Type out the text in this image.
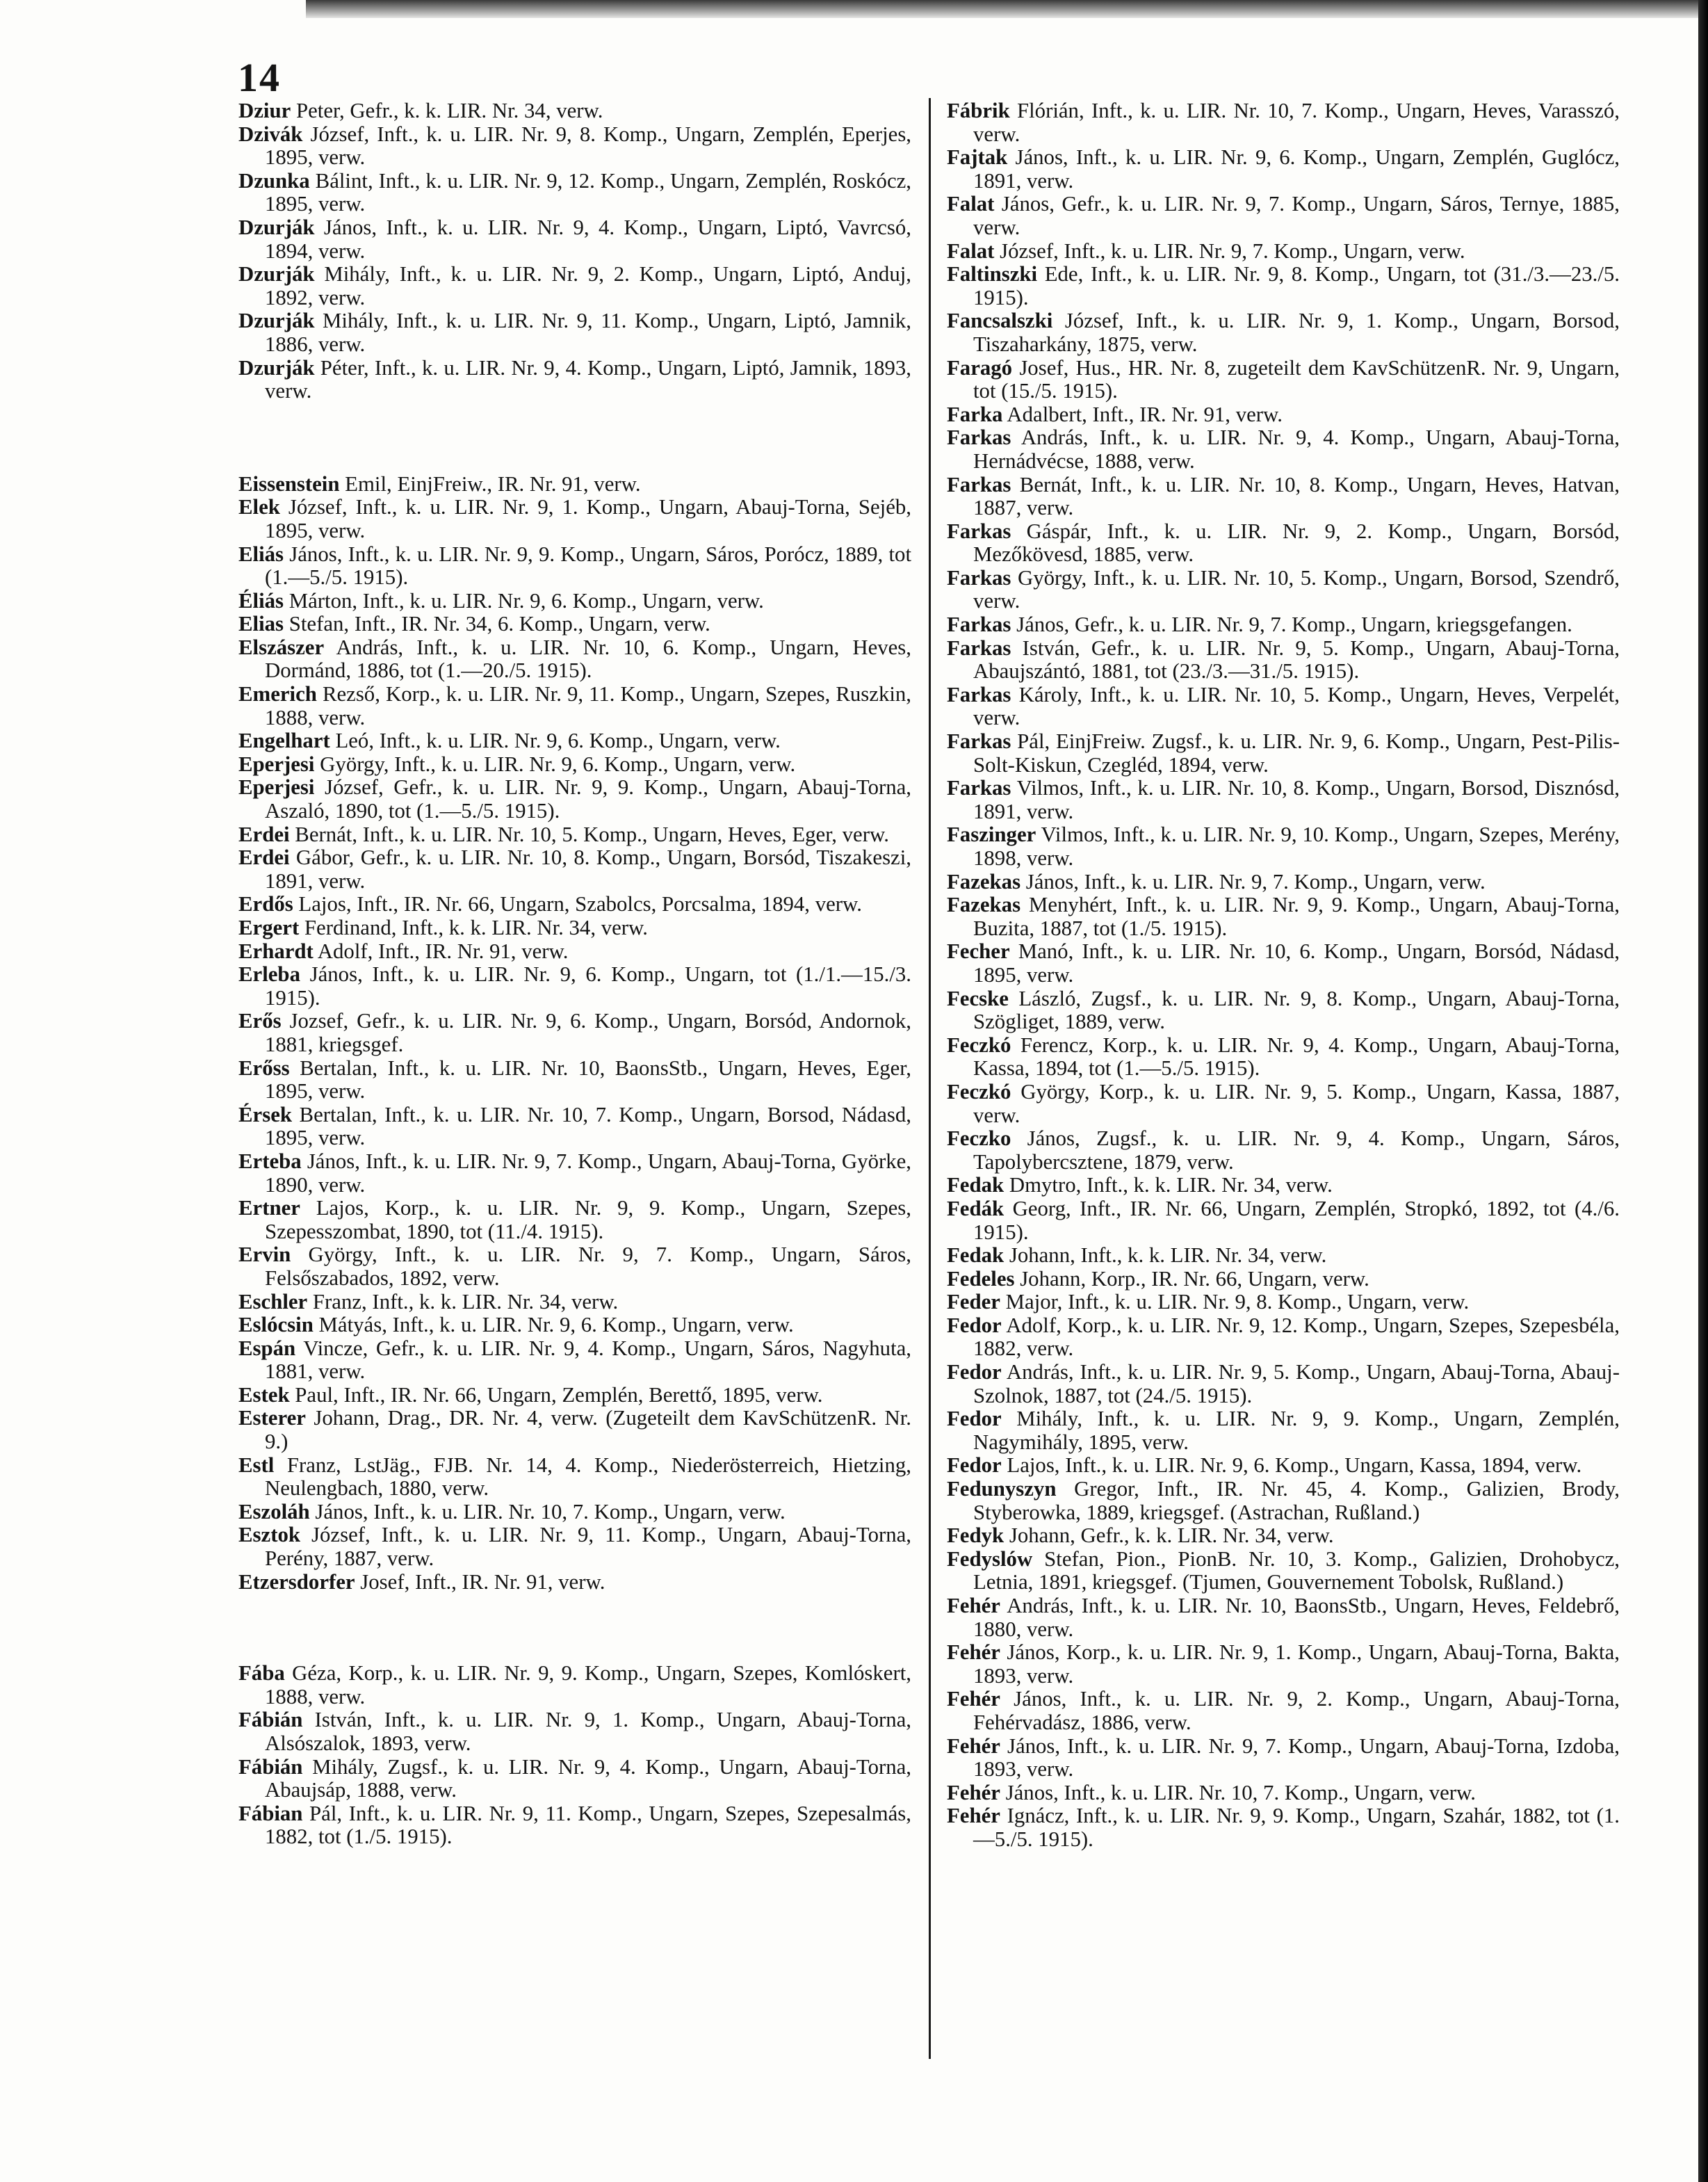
14

Dziur Peter, Gefr., k. k. LIR. Nr. 34, verw.

Dzivák József, Inft., k. u. LIR. Nr. 9, 8. Komp., Ungarn, Zemplén, Eperjes, 1895, verw.

Dzunka Bálint, Inft., k. u. LIR. Nr. 9, 12. Komp., Ungarn, Zemplén, Roskócz, 1895, verw.

Dzurják János, Inft., k. u. LIR. Nr. 9, 4. Komp., Ungarn, Liptó, Vavrcsó, 1894, verw.

Dzurják Mihály, Inft., k. u. LIR. Nr. 9, 2. Komp., Ungarn, Liptó, Anduj, 1892, verw.

Dzurják Mihály, Inft., k. u. LIR. Nr. 9, 11. Komp., Ungarn, Liptó, Jamnik, 1886, verw.

Dzurják Péter, Inft., k. u. LIR. Nr. 9, 4. Komp., Ungarn, Liptó, Jamnik, 1893, verw.

Eissenstein Emil, EinjFreiw., IR. Nr. 91, verw.

Elek József, Inft., k. u. LIR. Nr. 9, 1. Komp., Ungarn, Abauj-Torna, Sejéb, 1895, verw.

Eliás János, Inft., k. u. LIR. Nr. 9, 9. Komp., Ungarn, Sáros, Porócz, 1889, tot (1.—5./5. 1915).

Éliás Márton, Inft., k. u. LIR. Nr. 9, 6. Komp., Ungarn, verw.

Elias Stefan, Inft., IR. Nr. 34, 6. Komp., Ungarn, verw.

Elszászer András, Inft., k. u. LIR. Nr. 10, 6. Komp., Ungarn, Heves, Dormánd, 1886, tot (1.—20./5. 1915).

Emerich Rezső, Korp., k. u. LIR. Nr. 9, 11. Komp., Ungarn, Szepes, Ruszkin, 1888, verw.

Engelhart Leó, Inft., k. u. LIR. Nr. 9, 6. Komp., Ungarn, verw.

Eperjesi György, Inft., k. u. LIR. Nr. 9, 6. Komp., Ungarn, verw.

Eperjesi József, Gefr., k. u. LIR. Nr. 9, 9. Komp., Ungarn, Abauj-Torna, Aszaló, 1890, tot (1.—5./5. 1915).

Erdei Bernát, Inft., k. u. LIR. Nr. 10, 5. Komp., Ungarn, Heves, Eger, verw.

Erdei Gábor, Gefr., k. u. LIR. Nr. 10, 8. Komp., Ungarn, Borsód, Tiszakeszi, 1891, verw.

Erdős Lajos, Inft., IR. Nr. 66, Ungarn, Szabolcs, Porcsalma, 1894, verw.

Ergert Ferdinand, Inft., k. k. LIR. Nr. 34, verw.

Erhardt Adolf, Inft., IR. Nr. 91, verw.

Erleba János, Inft., k. u. LIR. Nr. 9, 6. Komp., Ungarn, tot (1./1.—15./3. 1915).

Erős Jozsef, Gefr., k. u. LIR. Nr. 9, 6. Komp., Ungarn, Borsód, Andornok, 1881, kriegsgef.

Erőss Bertalan, Inft., k. u. LIR. Nr. 10, BaonsStb., Ungarn, Heves, Eger, 1895, verw.

Érsek Bertalan, Inft., k. u. LIR. Nr. 10, 7. Komp., Ungarn, Borsod, Nádasd, 1895, verw.

Erteba János, Inft., k. u. LIR. Nr. 9, 7. Komp., Ungarn, Abauj-Torna, Györke, 1890, verw.

Ertner Lajos, Korp., k. u. LIR. Nr. 9, 9. Komp., Ungarn, Szepes, Szepesszombat, 1890, tot (11./4. 1915).

Ervin György, Inft., k. u. LIR. Nr. 9, 7. Komp., Ungarn, Sáros, Felsőszabados, 1892, verw.

Eschler Franz, Inft., k. k. LIR. Nr. 34, verw.

Eslócsin Mátyás, Inft., k. u. LIR. Nr. 9, 6. Komp., Ungarn, verw.

Espán Vincze, Gefr., k. u. LIR. Nr. 9, 4. Komp., Ungarn, Sáros, Nagyhuta, 1881, verw.

Estek Paul, Inft., IR. Nr. 66, Ungarn, Zemplén, Berettő, 1895, verw.

Esterer Johann, Drag., DR. Nr. 4, verw. (Zugeteilt dem KavSchützenR. Nr. 9.)

Estl Franz, LstJäg., FJB. Nr. 14, 4. Komp., Niederösterreich, Hietzing, Neulengbach, 1880, verw.

Eszoláh János, Inft., k. u. LIR. Nr. 10, 7. Komp., Ungarn, verw.

Esztok József, Inft., k. u. LIR. Nr. 9, 11. Komp., Ungarn, Abauj-Torna, Perény, 1887, verw.

Etzersdorfer Josef, Inft., IR. Nr. 91, verw.

Fába Géza, Korp., k. u. LIR. Nr. 9, 9. Komp., Ungarn, Szepes, Komlóskert, 1888, verw.

Fábián István, Inft., k. u. LIR. Nr. 9, 1. Komp., Ungarn, Abauj-Torna, Alsószalok, 1893, verw.

Fábián Mihály, Zugsf., k. u. LIR. Nr. 9, 4. Komp., Ungarn, Abauj-Torna, Abaujsáp, 1888, verw.

Fábian Pál, Inft., k. u. LIR. Nr. 9, 11. Komp., Ungarn, Szepes, Szepesalmás, 1882, tot (1./5. 1915).

Fábrik Flórián, Inft., k. u. LIR. Nr. 10, 7. Komp., Ungarn, Heves, Varasszó, verw.

Fajtak János, Inft., k. u. LIR. Nr. 9, 6. Komp., Ungarn, Zemplén, Guglócz, 1891, verw.

Falat János, Gefr., k. u. LIR. Nr. 9, 7. Komp., Ungarn, Sáros, Ternye, 1885, verw.

Falat József, Inft., k. u. LIR. Nr. 9, 7. Komp., Ungarn, verw.

Faltinszki Ede, Inft., k. u. LIR. Nr. 9, 8. Komp., Ungarn, tot (31./3.—23./5. 1915).

Fancsalszki József, Inft., k. u. LIR. Nr. 9, 1. Komp., Ungarn, Borsod, Tiszaharkány, 1875, verw.

Faragó Josef, Hus., HR. Nr. 8, zugeteilt dem KavSchützenR. Nr. 9, Ungarn, tot (15./5. 1915).

Farka Adalbert, Inft., IR. Nr. 91, verw.

Farkas András, Inft., k. u. LIR. Nr. 9, 4. Komp., Ungarn, Abauj-Torna, Hernádvécse, 1888, verw.

Farkas Bernát, Inft., k. u. LIR. Nr. 10, 8. Komp., Ungarn, Heves, Hatvan, 1887, verw.

Farkas Gáspár, Inft., k. u. LIR. Nr. 9, 2. Komp., Ungarn, Borsód, Mezőkövesd, 1885, verw.

Farkas György, Inft., k. u. LIR. Nr. 10, 5. Komp., Ungarn, Borsod, Szendrő, verw.

Farkas János, Gefr., k. u. LIR. Nr. 9, 7. Komp., Ungarn, kriegsgefangen.

Farkas István, Gefr., k. u. LIR. Nr. 9, 5. Komp., Ungarn, Abauj-Torna, Abaujszántó, 1881, tot (23./3.—31./5. 1915).

Farkas Károly, Inft., k. u. LIR. Nr. 10, 5. Komp., Ungarn, Heves, Verpelét, verw.

Farkas Pál, EinjFreiw. Zugsf., k. u. LIR. Nr. 9, 6. Komp., Ungarn, Pest-Pilis-Solt-Kiskun, Czegléd, 1894, verw.

Farkas Vilmos, Inft., k. u. LIR. Nr. 10, 8. Komp., Ungarn, Borsod, Disznósd, 1891, verw.

Faszinger Vilmos, Inft., k. u. LIR. Nr. 9, 10. Komp., Ungarn, Szepes, Merény, 1898, verw.

Fazekas János, Inft., k. u. LIR. Nr. 9, 7. Komp., Ungarn, verw.

Fazekas Menyhért, Inft., k. u. LIR. Nr. 9, 9. Komp., Ungarn, Abauj-Torna, Buzita, 1887, tot (1./5. 1915).

Fecher Manó, Inft., k. u. LIR. Nr. 10, 6. Komp., Ungarn, Borsód, Nádasd, 1895, verw.

Fecske László, Zugsf., k. u. LIR. Nr. 9, 8. Komp., Ungarn, Abauj-Torna, Szögliget, 1889, verw.

Feczkó Ferencz, Korp., k. u. LIR. Nr. 9, 4. Komp., Ungarn, Abauj-Torna, Kassa, 1894, tot (1.—5./5. 1915).

Feczkó György, Korp., k. u. LIR. Nr. 9, 5. Komp., Ungarn, Kassa, 1887, verw.

Feczko János, Zugsf., k. u. LIR. Nr. 9, 4. Komp., Ungarn, Sáros, Tapolybercsztene, 1879, verw.

Fedak Dmytro, Inft., k. k. LIR. Nr. 34, verw.

Fedák Georg, Inft., IR. Nr. 66, Ungarn, Zemplén, Stropkó, 1892, tot (4./6. 1915).

Fedak Johann, Inft., k. k. LIR. Nr. 34, verw.

Fedeles Johann, Korp., IR. Nr. 66, Ungarn, verw.

Feder Major, Inft., k. u. LIR. Nr. 9, 8. Komp., Ungarn, verw.

Fedor Adolf, Korp., k. u. LIR. Nr. 9, 12. Komp., Ungarn, Szepes, Szepesbéla, 1882, verw.

Fedor András, Inft., k. u. LIR. Nr. 9, 5. Komp., Ungarn, Abauj-Torna, Abauj-Szolnok, 1887, tot (24./5. 1915).

Fedor Mihály, Inft., k. u. LIR. Nr. 9, 9. Komp., Ungarn, Zemplén, Nagymihály, 1895, verw.

Fedor Lajos, Inft., k. u. LIR. Nr. 9, 6. Komp., Ungarn, Kassa, 1894, verw.

Fedunyszyn Gregor, Inft., IR. Nr. 45, 4. Komp., Galizien, Brody, Styberowka, 1889, kriegsgef. (Astrachan, Rußland.)

Fedyk Johann, Gefr., k. k. LIR. Nr. 34, verw.

Fedyslów Stefan, Pion., PionB. Nr. 10, 3. Komp., Galizien, Drohobycz, Letnia, 1891, kriegsgef. (Tjumen, Gouvernement Tobolsk, Rußland.)

Fehér András, Inft., k. u. LIR. Nr. 10, BaonsStb., Ungarn, Heves, Feldebrő, 1880, verw.

Fehér János, Korp., k. u. LIR. Nr. 9, 1. Komp., Ungarn, Abauj-Torna, Bakta, 1893, verw.

Fehér János, Inft., k. u. LIR. Nr. 9, 2. Komp., Ungarn, Abauj-Torna, Fehérvadász, 1886, verw.

Fehér János, Inft., k. u. LIR. Nr. 9, 7. Komp., Ungarn, Abauj-Torna, Izdoba, 1893, verw.

Fehér János, Inft., k. u. LIR. Nr. 10, 7. Komp., Ungarn, verw.

Fehér Ignácz, Inft., k. u. LIR. Nr. 9, 9. Komp., Ungarn, Szahár, 1882, tot (1.—5./5. 1915).
